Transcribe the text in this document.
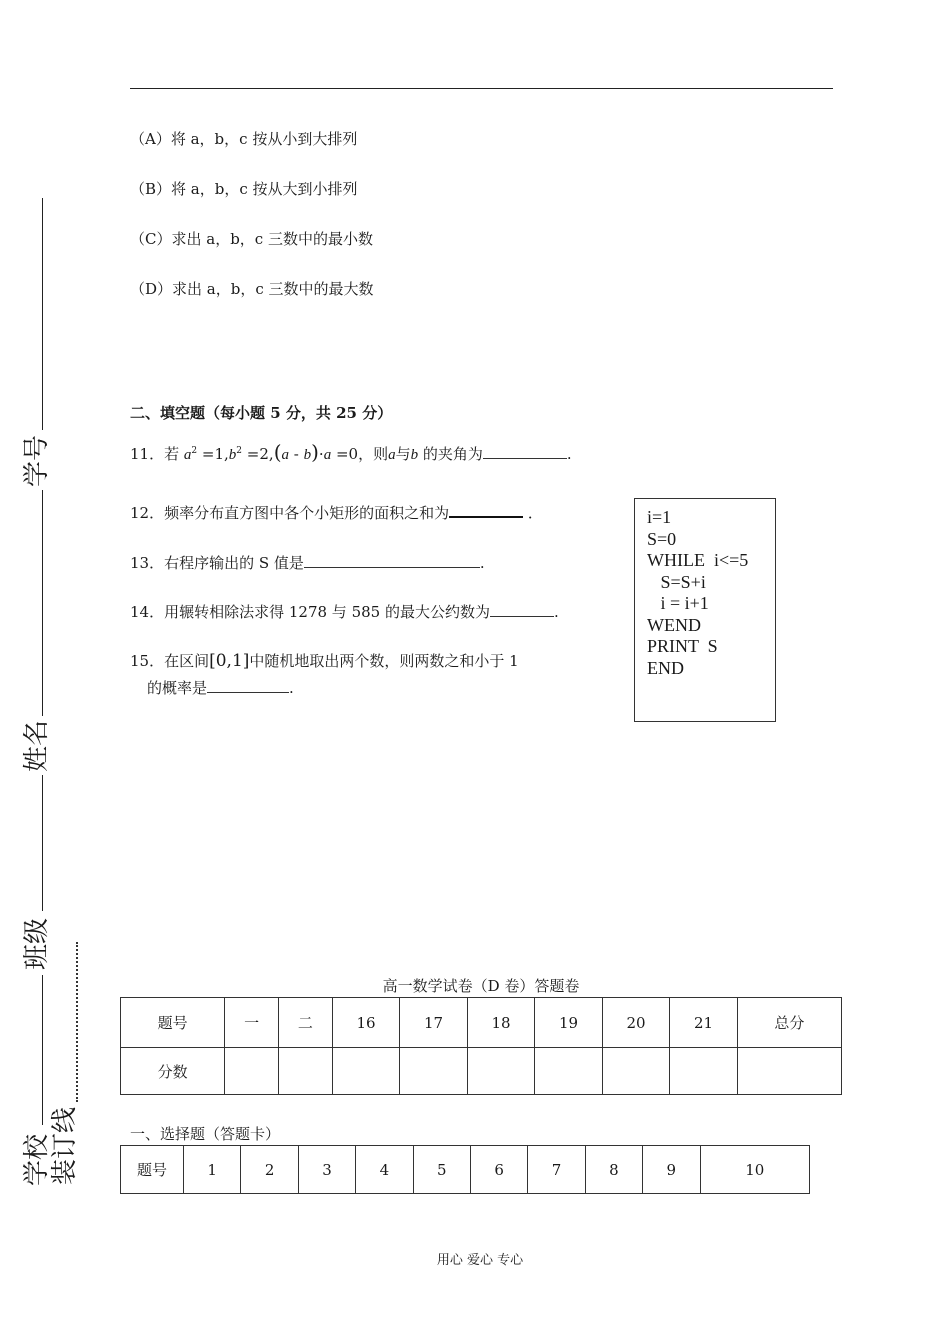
（A）将 a，b，c 按从小到大排列
（B）将 a，b，c 按从大到小排列
（C）求出 a，b，c 三数中的最小数
（D）求出 a，b，c 三数中的最大数
二、填空题（每小题 5 分，共 25 分）
11．若 $a^2 =1,b^2 =2,(a - b)\cdot a =0$，则a与b 的夹角为	.
12．频率分布直方图中各个小矩形的面积之和为	．
13．右程序输出的 S 值是	.
14．用辗转相除法求得 1278 与 585 的最大公约数为	.
15．在区间[0,1]中随机地取出两个数，则两数之和小于 1
的概率是	.
i=1
S=0
WHILE  i<=5
S=S+i
i = i+1
WEND
PRINT  S
END
学号
姓名
班级
学校
装订线
高一数学试卷（D 卷）答题卷
题号	一	二	16	17	18	19	20	21	总分
分数									
一、选择题（答题卡）
题号	1	2	3	4	5	6	7	8	9	10
用心 爱心 专心
